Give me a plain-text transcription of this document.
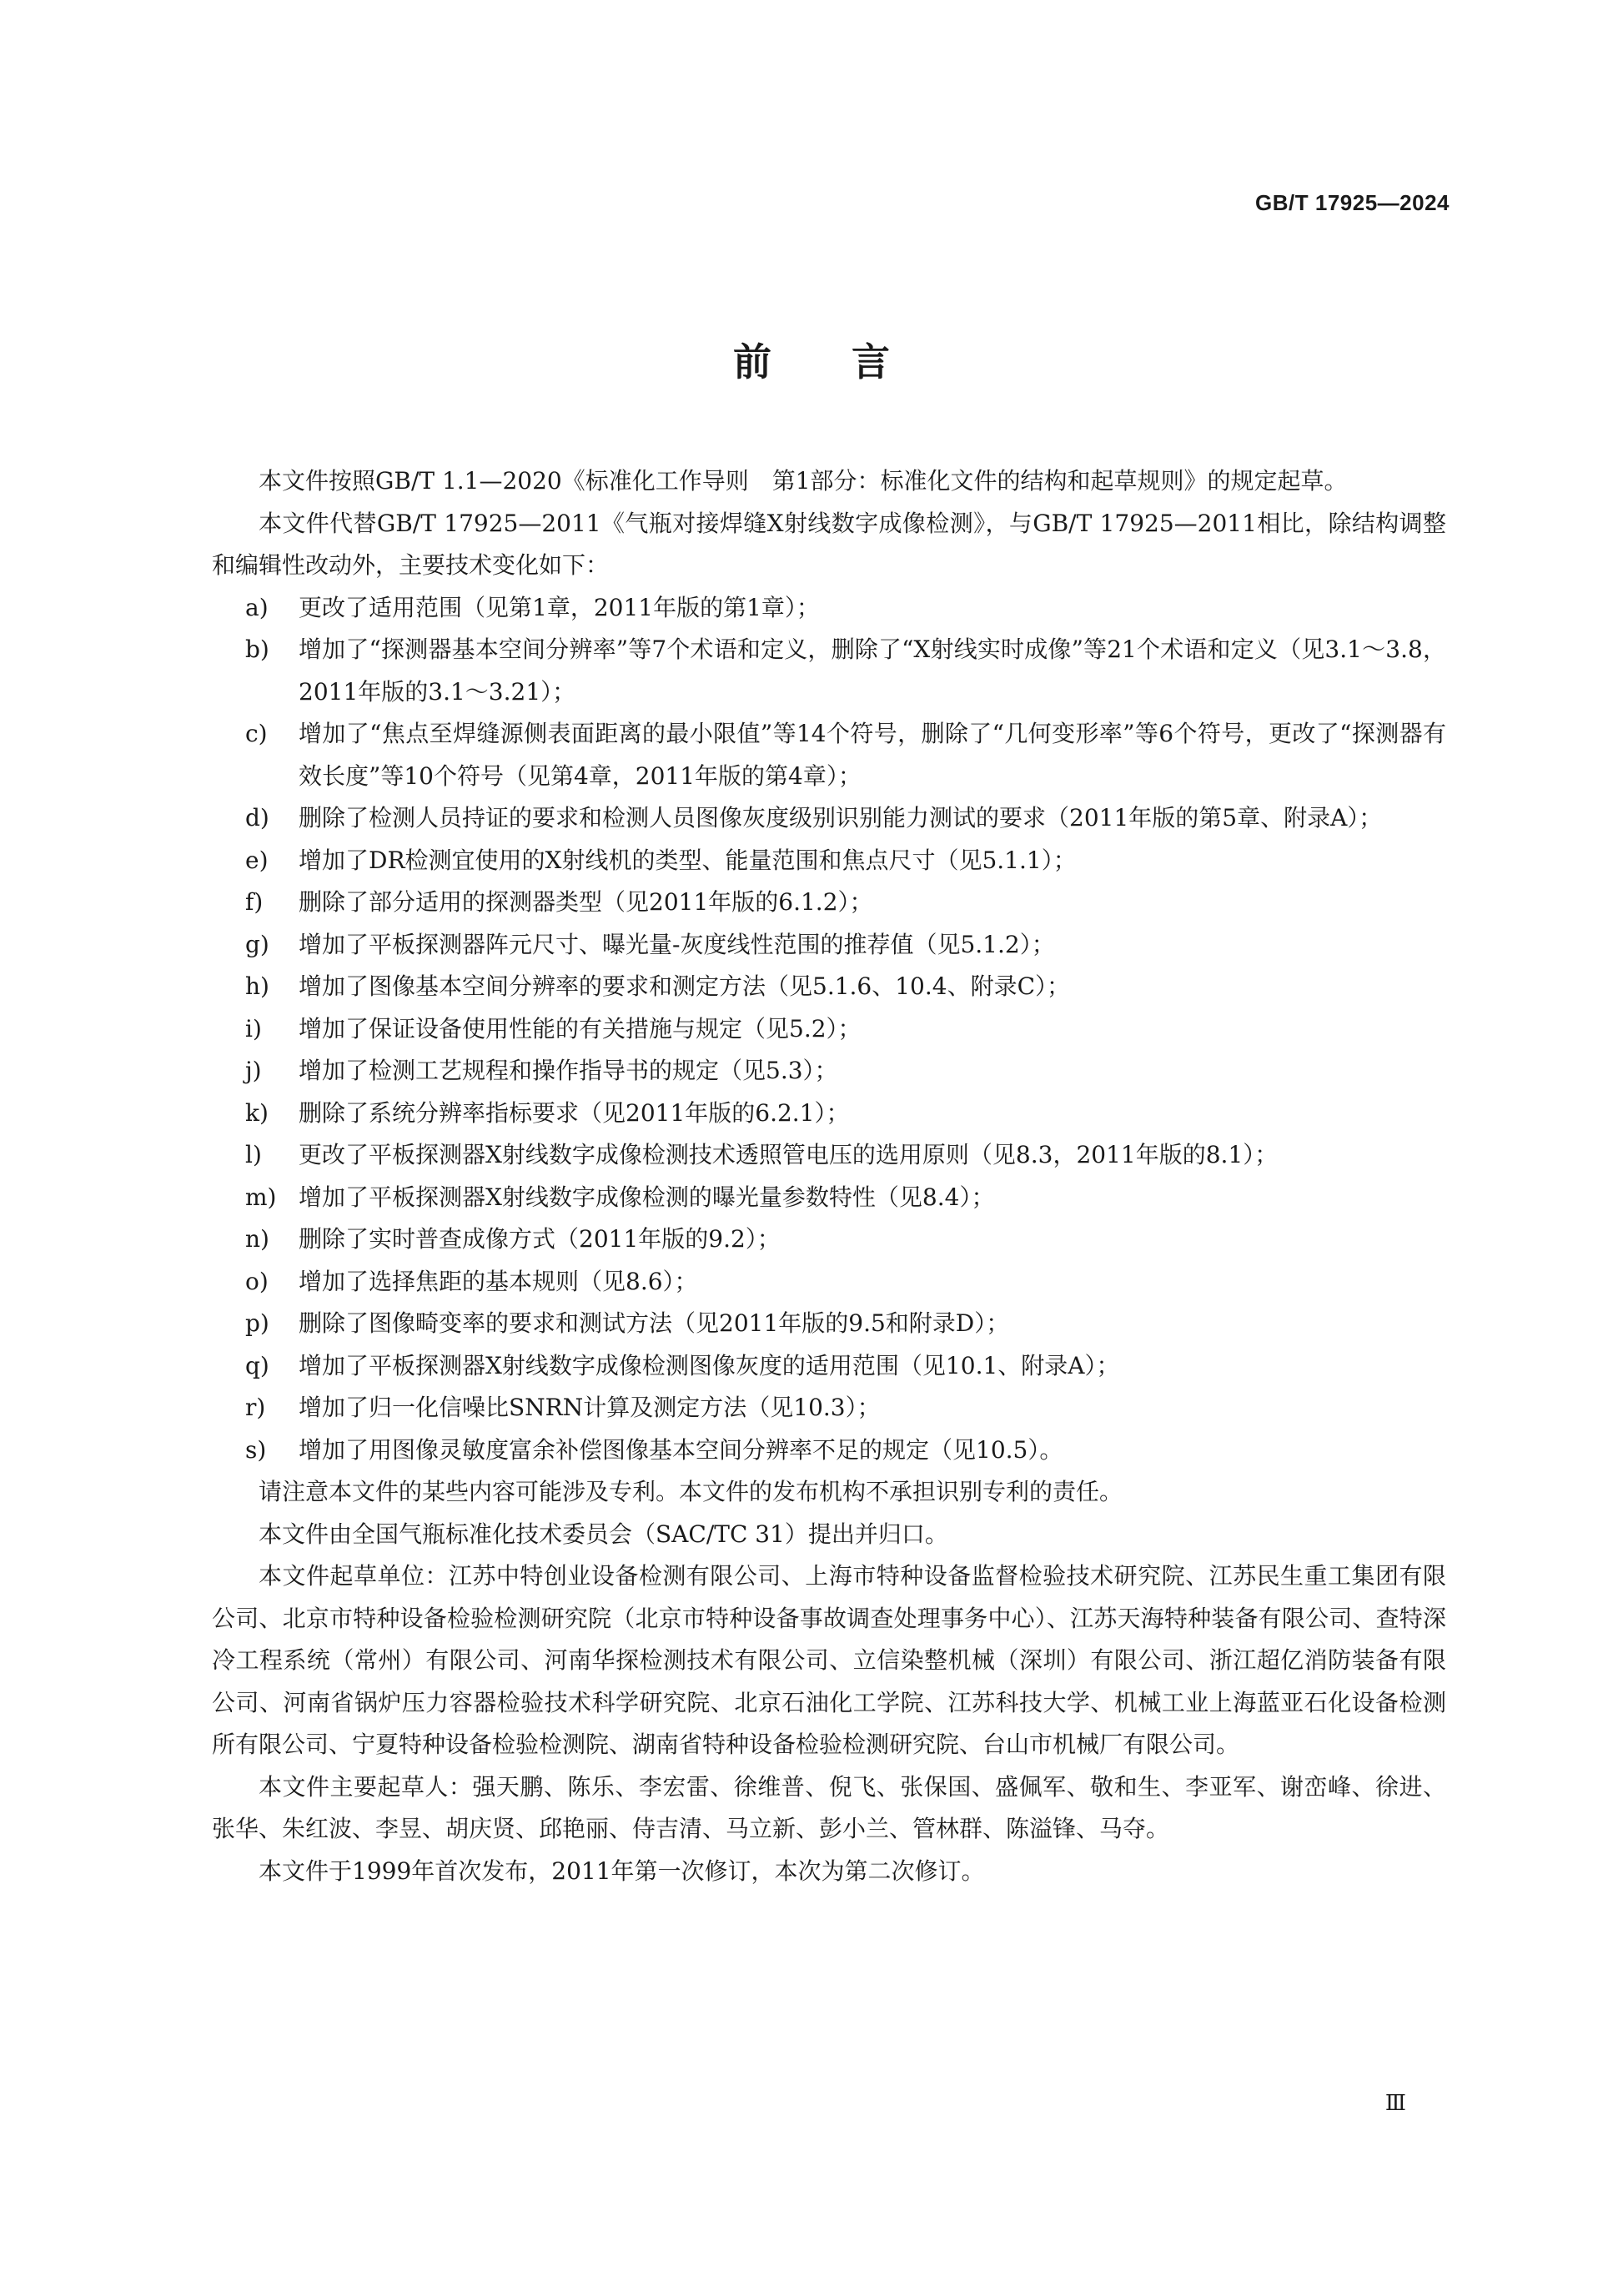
GB/T 17925—2024
前言

本文件按照GB/T 1.1—2020《标准化工作导则　第1部分：标准化文件的结构和起草规则》的规定起草。

本文件代替GB/T 17925—2011《气瓶对接焊缝X射线数字成像检测》，与GB/T 17925—2011相比，除结构调整和编辑性改动外，主要技术变化如下：

a)	更改了适用范围（见第1章，2011年版的第1章）；
b)	增加了“探测器基本空间分辨率”等7个术语和定义，删除了“X射线实时成像”等21个术语和定义（见3.1～3.8，2011年版的3.1～3.21）；
c)	增加了“焦点至焊缝源侧表面距离的最小限值”等14个符号，删除了“几何变形率”等6个符号，更改了“探测器有效长度”等10个符号（见第4章，2011年版的第4章）；
d)	删除了检测人员持证的要求和检测人员图像灰度级别识别能力测试的要求（2011年版的第5章、附录A）；
e)	增加了DR检测宜使用的X射线机的类型、能量范围和焦点尺寸（见5.1.1）；
f)	删除了部分适用的探测器类型（见2011年版的6.1.2）；
g)	增加了平板探测器阵元尺寸、曝光量-灰度线性范围的推荐值（见5.1.2）；
h)	增加了图像基本空间分辨率的要求和测定方法（见5.1.6、10.4、附录C）；
i)	增加了保证设备使用性能的有关措施与规定（见5.2）；
j)	增加了检测工艺规程和操作指导书的规定（见5.3）；
k)	删除了系统分辨率指标要求（见2011年版的6.2.1）；
l)	更改了平板探测器X射线数字成像检测技术透照管电压的选用原则（见8.3，2011年版的8.1）；
m) 增加了平板探测器X射线数字成像检测的曝光量参数特性（见8.4）；
n)	删除了实时普查成像方式（2011年版的9.2）；
o)	增加了选择焦距的基本规则（见8.6）；
p)	删除了图像畸变率的要求和测试方法（见2011年版的9.5和附录D）；
q)	增加了平板探测器X射线数字成像检测图像灰度的适用范围（见10.1、附录A）；
r)	增加了归一化信噪比SNRN计算及测定方法（见10.3）；
s)	增加了用图像灵敏度富余补偿图像基本空间分辨率不足的规定（见10.5）。

请注意本文件的某些内容可能涉及专利。本文件的发布机构不承担识别专利的责任。

本文件由全国气瓶标准化技术委员会（SAC/TC 31）提出并归口。

本文件起草单位：江苏中特创业设备检测有限公司、上海市特种设备监督检验技术研究院、江苏民生重工集团有限公司、北京市特种设备检验检测研究院（北京市特种设备事故调查处理事务中心）、江苏天海特种装备有限公司、查特深冷工程系统（常州）有限公司、河南华探检测技术有限公司、立信染整机械（深圳）有限公司、浙江超亿消防装备有限公司、河南省锅炉压力容器检验技术科学研究院、北京石油化工学院、江苏科技大学、机械工业上海蓝亚石化设备检测所有限公司、宁夏特种设备检验检测院、湖南省特种设备检验检测研究院、台山市机械厂有限公司。

本文件主要起草人：强天鹏、陈乐、李宏雷、徐维普、倪飞、张保国、盛佩军、敬和生、李亚军、谢峦峰、徐进、张华、朱红波、李昱、胡庆贤、邱艳丽、侍吉清、马立新、彭小兰、管林群、陈溢锋、马夺。

本文件于1999年首次发布，2011年第一次修订，本次为第二次修订。

Ⅲ
